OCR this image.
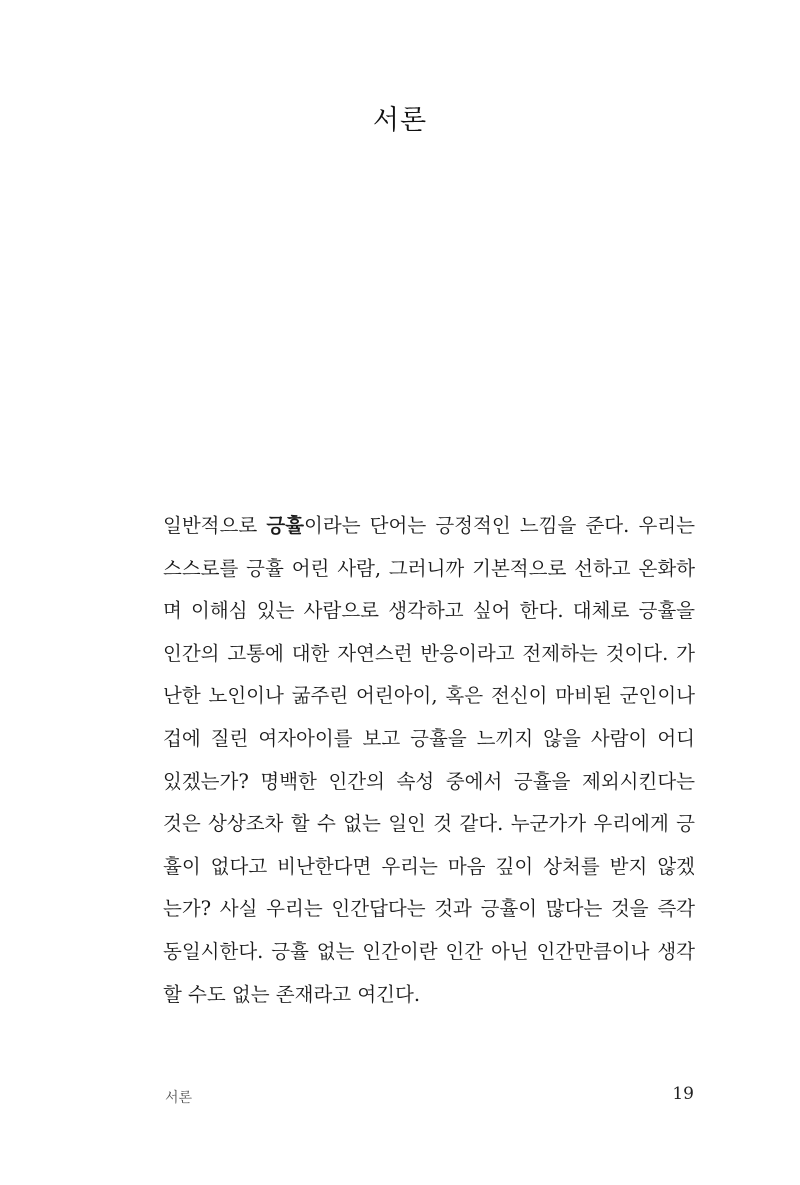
서론
일반적으로 긍휼이라는 단어는 긍정적인 느낌을 준다. 우리는
스스로를 긍휼 어린 사람, 그러니까 기본적으로 선하고 온화하
며 이해심 있는 사람으로 생각하고 싶어 한다. 대체로 긍휼을
인간의 고통에 대한 자연스런 반응이라고 전제하는 것이다. 가
난한 노인이나 굶주린 어린아이, 혹은 전신이 마비된 군인이나
겁에 질린 여자아이를 보고 긍휼을 느끼지 않을 사람이 어디
있겠는가? 명백한 인간의 속성 중에서 긍휼을 제외시킨다는
것은 상상조차 할 수 없는 일인 것 같다. 누군가가 우리에게 긍
휼이 없다고 비난한다면 우리는 마음 깊이 상처를 받지 않겠
는가? 사실 우리는 인간답다는 것과 긍휼이 많다는 것을 즉각
동일시한다. 긍휼 없는 인간이란 인간 아닌 인간만큼이나 생각
할 수도 없는 존재라고 여긴다.
서론	19
